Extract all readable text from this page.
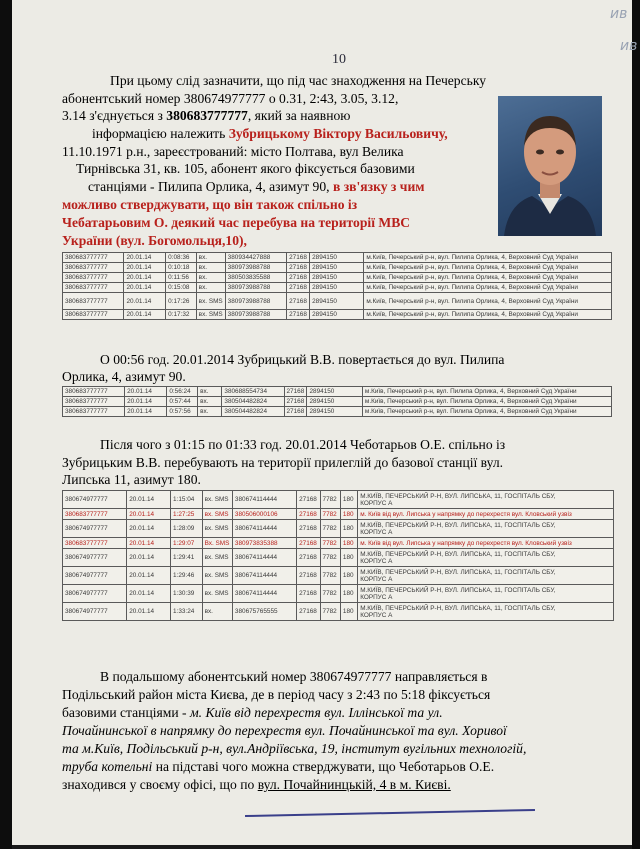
ив
ив
10
При цьому слід зазначити, що під час знаходження на Печерську
абонентський номер 380674977777 о 0.31, 2:43, 3.05, 3.12,
3.14 з'єднується з 380683777777, який за наявною
інформацією належить Зубрицькому Віктору Васильовичу,
11.10.1971 р.н., зареєстрований: місто Полтава, вул Велика
Тирнівська 31, кв. 105, абонент якого фіксується базовими
станціями - Пилипа Орлика, 4, азимут 90, в зв'язку з чим
можливо стверджувати, що він також спільно із
Чебатарьовим О. деякий час перебува на території МВС
України (вул. Богомольця,10),
380683777777	20.01.14	0:08:36	вх.	380934427888	27168	2894150	м.Київ, Печерський р-н, вул. Пилипа Орлика, 4, Верховний Суд України
380683777777	20.01.14	0:10:18	вх.	380973988788	27168	2894150	м.Київ, Печерський р-н, вул. Пилипа Орлика, 4, Верховний Суд України
380683777777	20.01.14	0:11:56	вх.	380503835588	27168	2894150	м.Київ, Печерський р-н, вул. Пилипа Орлика, 4, Верховний Суд України
380683777777	20.01.14	0:15:08	вх.	380973988788	27168	2894150	м.Київ, Печерський р-н, вул. Пилипа Орлика, 4, Верховний Суд України
380683777777	20.01.14	0:17:26	вх. SMS	380973988788	27168	2894150	м.Київ, Печерський р-н, вул. Пилипа Орлика, 4, Верховний Суд України
380683777777	20.01.14	0:17:32	вх. SMS	380973988788	27168	2894150	м.Київ, Печерський р-н, вул. Пилипа Орлика, 4, Верховний Суд України
О 00:56 год. 20.01.2014 Зубрицький В.В. повертається до вул. Пилипа
Орлика, 4, азимут 90.
380683777777	20.01.14	0:56:24	вх.	380688554734	27168	2894150	м.Київ, Печерський р-н, вул. Пилипа Орлика, 4, Верховний Суд України
380683777777	20.01.14	0:57:44	вх.	380504482824	27168	2894150	м.Київ, Печерський р-н, вул. Пилипа Орлика, 4, Верховний Суд України
380683777777	20.01.14	0:57:56	вх.	380504482824	27168	2894150	м.Київ, Печерський р-н, вул. Пилипа Орлика, 4, Верховний Суд України
Після чого з 01:15 по 01:33 год. 20.01.2014 Чеботарьов О.Е. спільно із
Зубрицьким В.В. перебувають на території прилеглій до базової станції вул.
Липська 11, азимут 180.
380674977777	20.01.14	1:15:04	вх. SMS	380674114444	27168	7782	180	М.КИЇВ, ПЕЧЕРСЬКИЙ Р-Н, ВУЛ. ЛИПСЬКА, 11, ГОСПІТАЛЬ СБУ,
КОРПУС А
380683777777	20.01.14	1:27:25	вх. SMS	380506000106	27168	7782	180	м. Київ від вул. Липська у напрямку до перехрестя вул. Кловський узвіз
380674977777	20.01.14	1:28:09	вх. SMS	380674114444	27168	7782	180	М.КИЇВ, ПЕЧЕРСЬКИЙ Р-Н, ВУЛ. ЛИПСЬКА, 11, ГОСПІТАЛЬ СБУ,
КОРПУС А
380683777777	20.01.14	1:29:07	Вх. SMS	380973835388	27168	7782	180	м. Київ від вул. Липська у напрямку до перехрестя вул. Кловський узвіз
380674977777	20.01.14	1:29:41	вх. SMS	380674114444	27168	7782	180	М.КИЇВ, ПЕЧЕРСЬКИЙ Р-Н, ВУЛ. ЛИПСЬКА, 11, ГОСПІТАЛЬ СБУ,
КОРПУС А
380674977777	20.01.14	1:29:46	вх. SMS	380674114444	27168	7782	180	М.КИЇВ, ПЕЧЕРСЬКИЙ Р-Н, ВУЛ. ЛИПСЬКА, 11, ГОСПІТАЛЬ СБУ,
КОРПУС А
380674977777	20.01.14	1:30:39	вх. SMS	380674114444	27168	7782	180	М.КИЇВ, ПЕЧЕРСЬКИЙ Р-Н, ВУЛ. ЛИПСЬКА, 11, ГОСПІТАЛЬ СБУ,
КОРПУС А
380674977777	20.01.14	1:33:24	вх.	380675765555	27168	7782	180	М.КИЇВ, ПЕЧЕРСЬКИЙ Р-Н, ВУЛ. ЛИПСЬКА, 11, ГОСПІТАЛЬ СБУ,
КОРПУС А
В подальшому абонентський номер 380674977777 направляється в
Подільський район міста Києва, де в період часу з 2:43 по 5:18 фіксується
базовими станціями - м. Київ від перехрестя вул. Іллінської та ул.
Почайнинської в напрямку до перехрестя вул. Почайнинської та вул. Хоривої
та м.Київ, Подільський р-н, вул.Андріївська, 19, інститут вугільних технологій,
труба котельні на підставі чого можна стверджувати, що Чеботарьов О.Е.
знаходився у своєму офісі, що по вул. Почайнинцькій, 4 в м. Києві.
